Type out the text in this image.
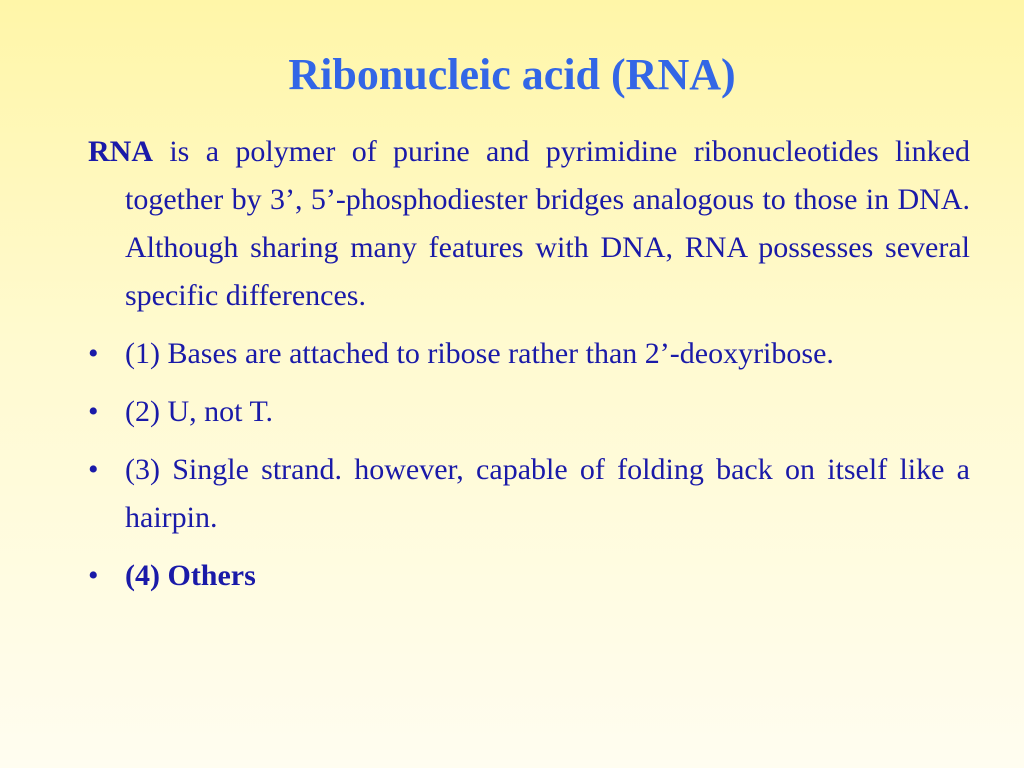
Ribonucleic acid (RNA)

RNA is a polymer of purine and pyrimidine ribonucleotides linked together by 3’, 5’-phosphodiester bridges analogous to those in DNA. Although sharing many features with DNA, RNA possesses several specific differences.

• (1) Bases are attached to ribose rather than 2’-deoxyribose.
• (2) U, not T.
• (3) Single strand. however, capable of folding back on itself like a hairpin.
• (4) Others
